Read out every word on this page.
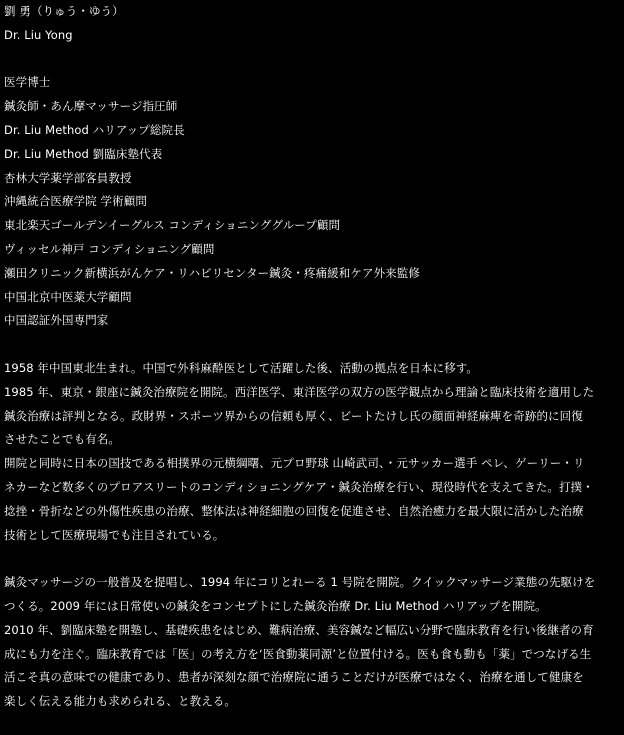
劉 勇（りゅう・ゆう）
Dr. Liu Yong
医学博士
鍼灸師・あん摩マッサージ指圧師
Dr. Liu Method ハリアップ総院長
Dr. Liu Method 劉臨床塾代表
杏林大学薬学部客員教授
沖縄統合医療学院 学術顧問
東北楽天ゴールデンイーグルス コンディショニンググループ顧問
ヴィッセル神戸 コンディショニング顧問
瀬田クリニック新横浜がんケア・リハビリセンター鍼灸・疼痛緩和ケア外来監修
中国北京中医薬大学顧問
中国認証外国専門家
1958 年中国東北生まれ。中国で外科麻酔医として活躍した後、活動の拠点を日本に移す。
1985 年、東京・銀座に鍼灸治療院を開院。西洋医学、東洋医学の双方の医学観点から理論と臨床技術を適用した
鍼灸治療は評判となる。政財界・スポーツ界からの信頼も厚く、ビートたけし氏の顔面神経麻痺を奇跡的に回復
させたことでも有名。
開院と同時に日本の国技である相撲界の元横綱曙、元プロ野球 山崎武司、・元サッカー選手 ペレ、ゲーリー・リ
ネカーなど数多くのプロアスリートのコンディショニングケア・鍼灸治療を行い、現役時代を支えてきた。打撲・
捻挫・骨折などの外傷性疾患の治療、整体法は神経細胞の回復を促進させ、自然治癒力を最大限に活かした治療
技術として医療現場でも注目されている。
鍼灸マッサージの一般普及を提唱し、1994 年にコリとれーる 1 号院を開院。クイックマッサージ業態の先駆けを
つくる。2009 年には日常使いの鍼灸をコンセプトにした鍼灸治療 Dr. Liu Method ハリアップを開院。
2010 年、劉臨床塾を開塾し、基礎疾患をはじめ、難病治療、美容鍼など幅広い分野で臨床教育を行い後継者の育
成にも力を注ぐ。臨床教育では「医」の考え方を‘医食動薬同源’と位置付ける。医も食も動も「薬」でつなげる生
活こそ真の意味での健康であり、患者が深刻な顔で治療院に通うことだけが医療ではなく、治療を通して健康を
楽しく伝える能力も求められる、と教える。
